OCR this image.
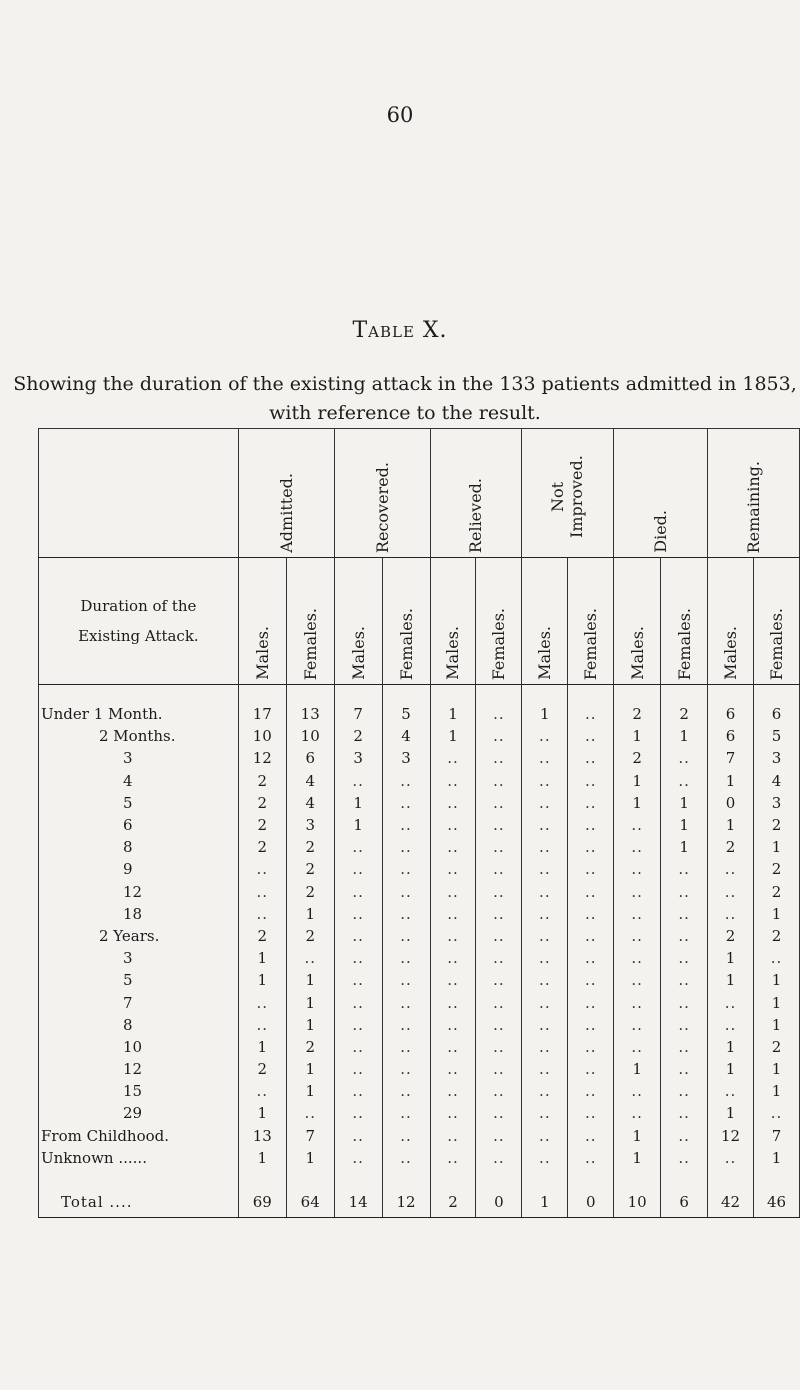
60
Table X.
Showing the duration of the existing attack in the 133 patients admitted in 1853, with reference to the result.
	Admitted.		Recovered.		Relieved.		Not Improved.		Died.		Remaining.	

Duration of the
Existing Attack.	Males.	Females.	Males.	Females.	Males.	Females.	Males.	Females.	Males.	Females.	Males.	Females.

Under 1 Month.	17	13	7	5	1	..	1	..	2	2	6	6
2 Months.	10	10	2	4	1	..	..	..	1	1	6	5
3	12	6	3	3	..	..	..	..	2	..	7	3
4	2	4	..	..	..	..	..	..	1	..	1	4
5	2	4	1	..	..	..	..	..	1	1	0	3
6	2	3	1	..	..	..	..	..	..	1	1	2
8	2	2	..	..	..	..	..	..	..	1	2	1
9	..	2	..	..	..	..	..	..	..	..	..	2
12	..	2	..	..	..	..	..	..	..	..	..	2
18	..	1	..	..	..	..	..	..	..	..	..	1
2 Years.	2	2	..	..	..	..	..	..	..	..	2	2
3	1	..	..	..	..	..	..	..	..	..	1	..
5	1	1	..	..	..	..	..	..	..	..	1	1
7	..	1	..	..	..	..	..	..	..	..	..	1
8	..	1	..	..	..	..	..	..	..	..	..	1
10	1	2	..	..	..	..	..	..	..	..	1	2
12	2	1	..	..	..	..	..	..	1	..	1	1
15	..	1	..	..	..	..	..	..	..	..	..	1
29	1	..	..	..	..	..	..	..	..	..	1	..
From Childhood.	13	7	..	..	..	..	..	..	1	..	12	7
Unknown ......	1	1	..	..	..	..	..	..	1	..	..	1

Total ....	69	64	14	12	2	0	1	0	10	6	42	46
